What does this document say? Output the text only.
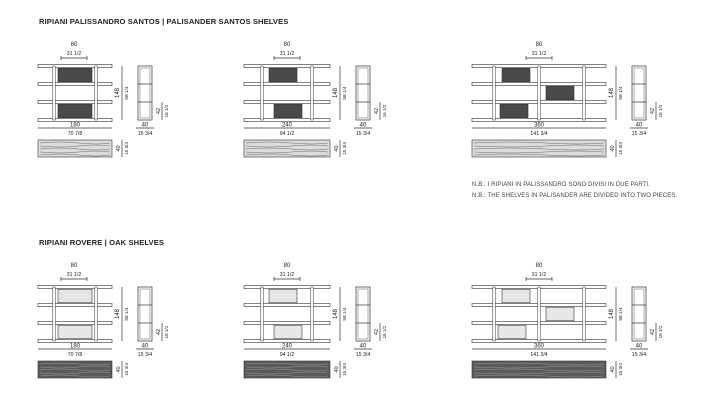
RIPIANI PALISSANDRO SANTOS | PALISANDER SANTOS SHELVES
RIPIANI ROVERE | OAK SHELVES
N.B.: I RIPIANI IN PALISSANDRO SONO DIVISI IN DUE PARTI.
N.B.: THE SHELVES IN PALISANDER ARE DIVIDED INTO TWO PIECES.
80
31 1/2
148 58 1/4
42 16 1/2
180
70 7/8
40
15 3/4
40 15 3/4
80
31 1/2
148 58 1/4
42 16 1/2
240
94 1/2
40
15 3/4
40 15 3/4
80
31 1/2
148 58 1/4
42 16 1/2
360
141 3/4
40
15 3/4
40 15 3/4
80
31 1/2
148 58 1/4
42 16 1/2
180
70 7/8
40
15 3/4
40 15 3/4
80
31 1/2
148 58 1/4
42 16 1/2
240
94 1/2
40
15 3/4
40 15 3/4
80
31 1/2
148 58 1/4
42 16 1/2
360
141 3/4
40
15 3/4
40 15 3/4
